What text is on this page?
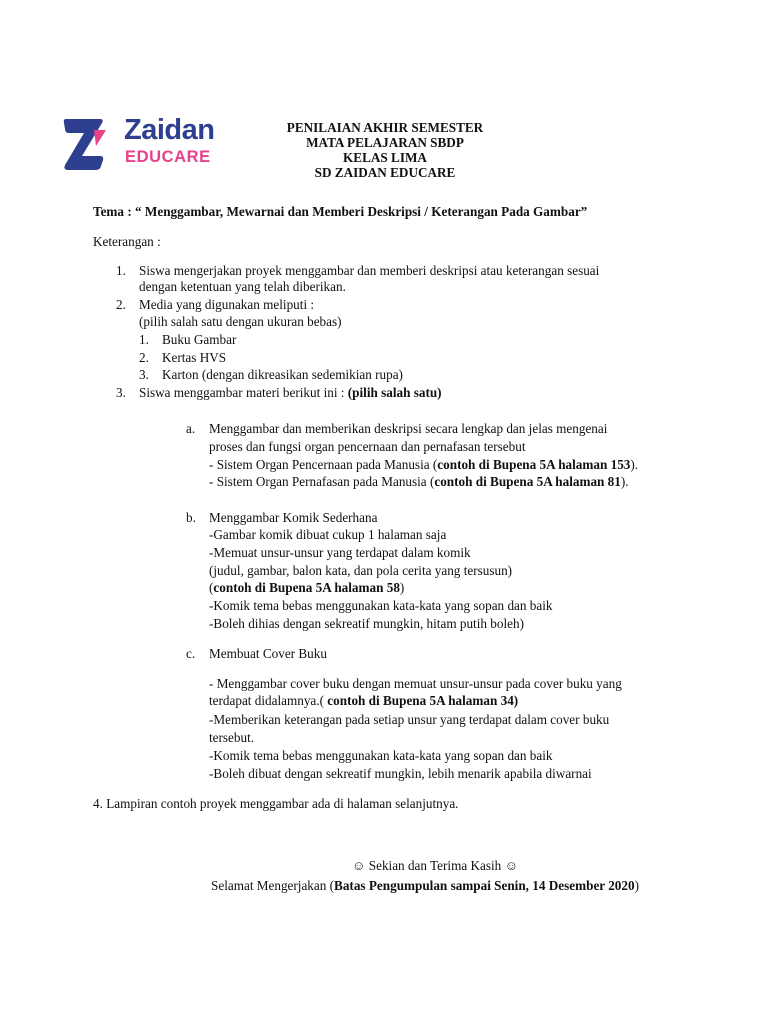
Zaidan
EDUCARE
PENILAIAN AKHIR SEMESTER
MATA PELAJARAN SBDP
KELAS LIMA
SD ZAIDAN EDUCARE
Tema : “ Menggambar, Mewarnai dan Memberi Deskripsi / Keterangan Pada Gambar”
Keterangan :
1. Siswa mengerjakan proyek menggambar dan memberi deskripsi atau keterangan sesuai
dengan ketentuan yang telah diberikan.
2. Media yang digunakan meliputi :
(pilih salah satu dengan ukuran bebas)
1. Buku Gambar
2. Kertas HVS
3. Karton (dengan dikreasikan sedemikian rupa)
3. Siswa menggambar materi berikut ini : (pilih salah satu)
a. Menggambar dan memberikan deskripsi secara lengkap dan jelas mengenai
proses dan fungsi organ pencernaan dan pernafasan tersebut
- Sistem Organ Pencernaan pada Manusia (contoh di Bupena 5A halaman 153).
- Sistem Organ Pernafasan pada Manusia (contoh di Bupena 5A halaman 81).
b. Menggambar Komik Sederhana
-Gambar komik dibuat cukup 1 halaman saja
-Memuat unsur-unsur yang terdapat dalam komik
(judul, gambar, balon kata, dan pola cerita yang tersusun)
(contoh di Bupena 5A halaman 58)
-Komik tema bebas menggunakan kata-kata yang sopan dan baik
-Boleh dihias dengan sekreatif mungkin, hitam putih boleh)
c. Membuat Cover Buku
- Menggambar cover buku dengan memuat unsur-unsur pada cover buku yang
terdapat didalamnya.( contoh di Bupena 5A halaman 34)
-Memberikan keterangan pada setiap unsur yang terdapat dalam cover buku
tersebut.
-Komik tema bebas menggunakan kata-kata yang sopan dan baik
-Boleh dibuat dengan sekreatif mungkin, lebih menarik apabila diwarnai
4. Lampiran contoh proyek menggambar ada di halaman selanjutnya.
☺ Sekian dan Terima Kasih ☺
Selamat Mengerjakan (Batas Pengumpulan sampai Senin, 14 Desember 2020)
